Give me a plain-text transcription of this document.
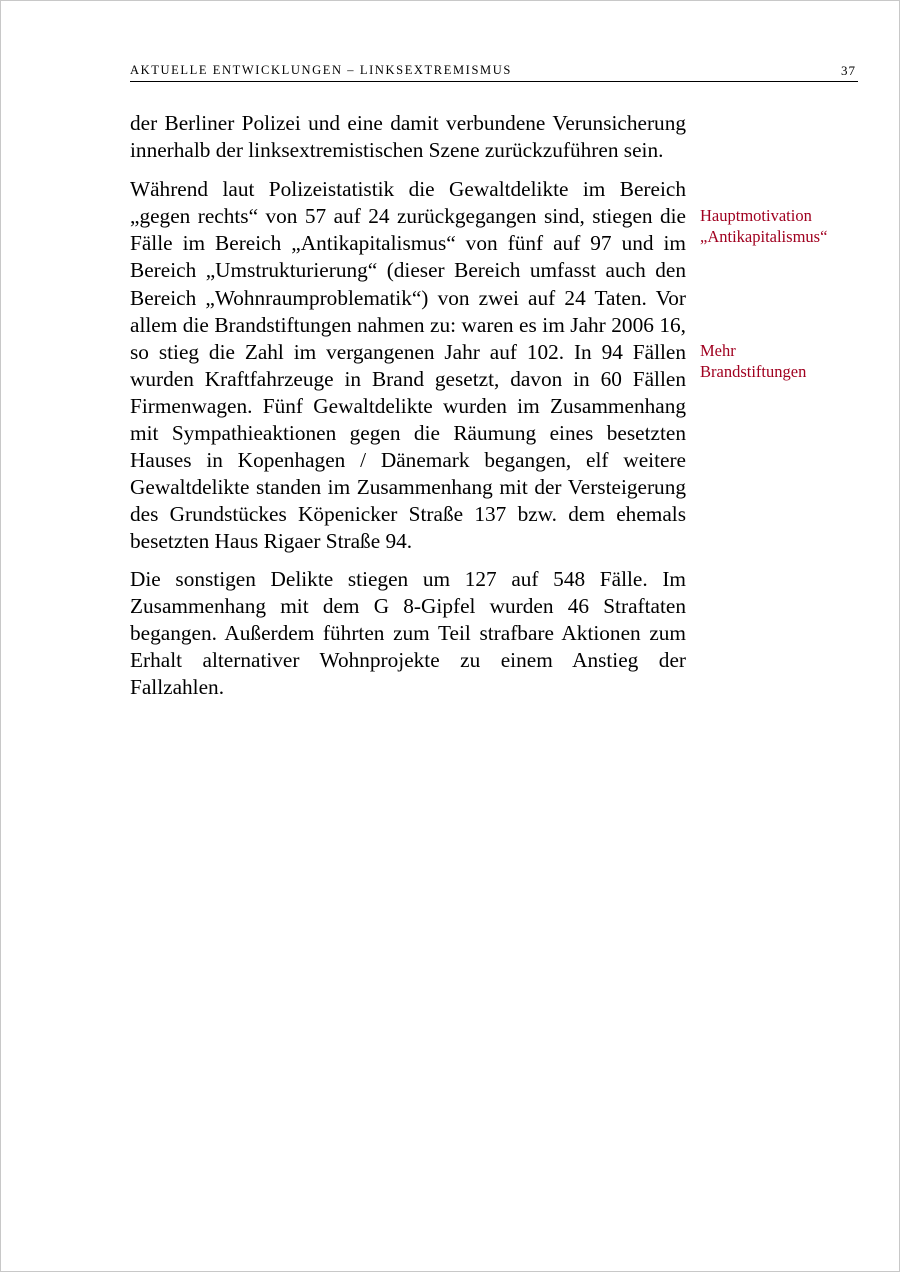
AKTUELLE ENTWICKLUNGEN – LINKSEXTREMISMUS	37

der Berliner Polizei und eine damit verbundene Verunsicherung innerhalb der linksextremistischen Szene zurückzuführen sein.

Während laut Polizeistatistik die Gewaltdelikte im Bereich „gegen rechts“ von 57 auf 24 zurückgegangen sind, stiegen die Fälle im Bereich „Antikapitalismus“ von fünf auf 97 und im Bereich „Umstrukturierung“ (dieser Bereich umfasst auch den Bereich „Wohnraumproblematik“) von zwei auf 24 Taten. Vor allem die Brandstiftungen nahmen zu: waren es im Jahr 2006 16, so stieg die Zahl im vergangenen Jahr auf 102. In 94 Fällen wurden Kraftfahrzeuge in Brand gesetzt, davon in 60 Fällen Firmenwagen. Fünf Gewaltdelikte wurden im Zusammenhang mit Sympathieaktionen gegen die Räumung eines besetzten Hauses in Kopenhagen / Dänemark begangen, elf weitere Gewaltdelikte standen im Zusammenhang mit der Versteigerung des Grundstückes Köpenicker Straße 137 bzw. dem ehemals besetzten Haus Rigaer Straße 94.

Die sonstigen Delikte stiegen um 127 auf 548 Fälle. Im Zusammenhang mit dem G 8-Gipfel wurden 46 Straftaten begangen. Außerdem führten zum Teil strafbare Aktionen zum Erhalt alternativer Wohnprojekte zu einem Anstieg der Fallzahlen.

Hauptmotivation
„Antikapitalismus“
Mehr
Brandstiftungen
